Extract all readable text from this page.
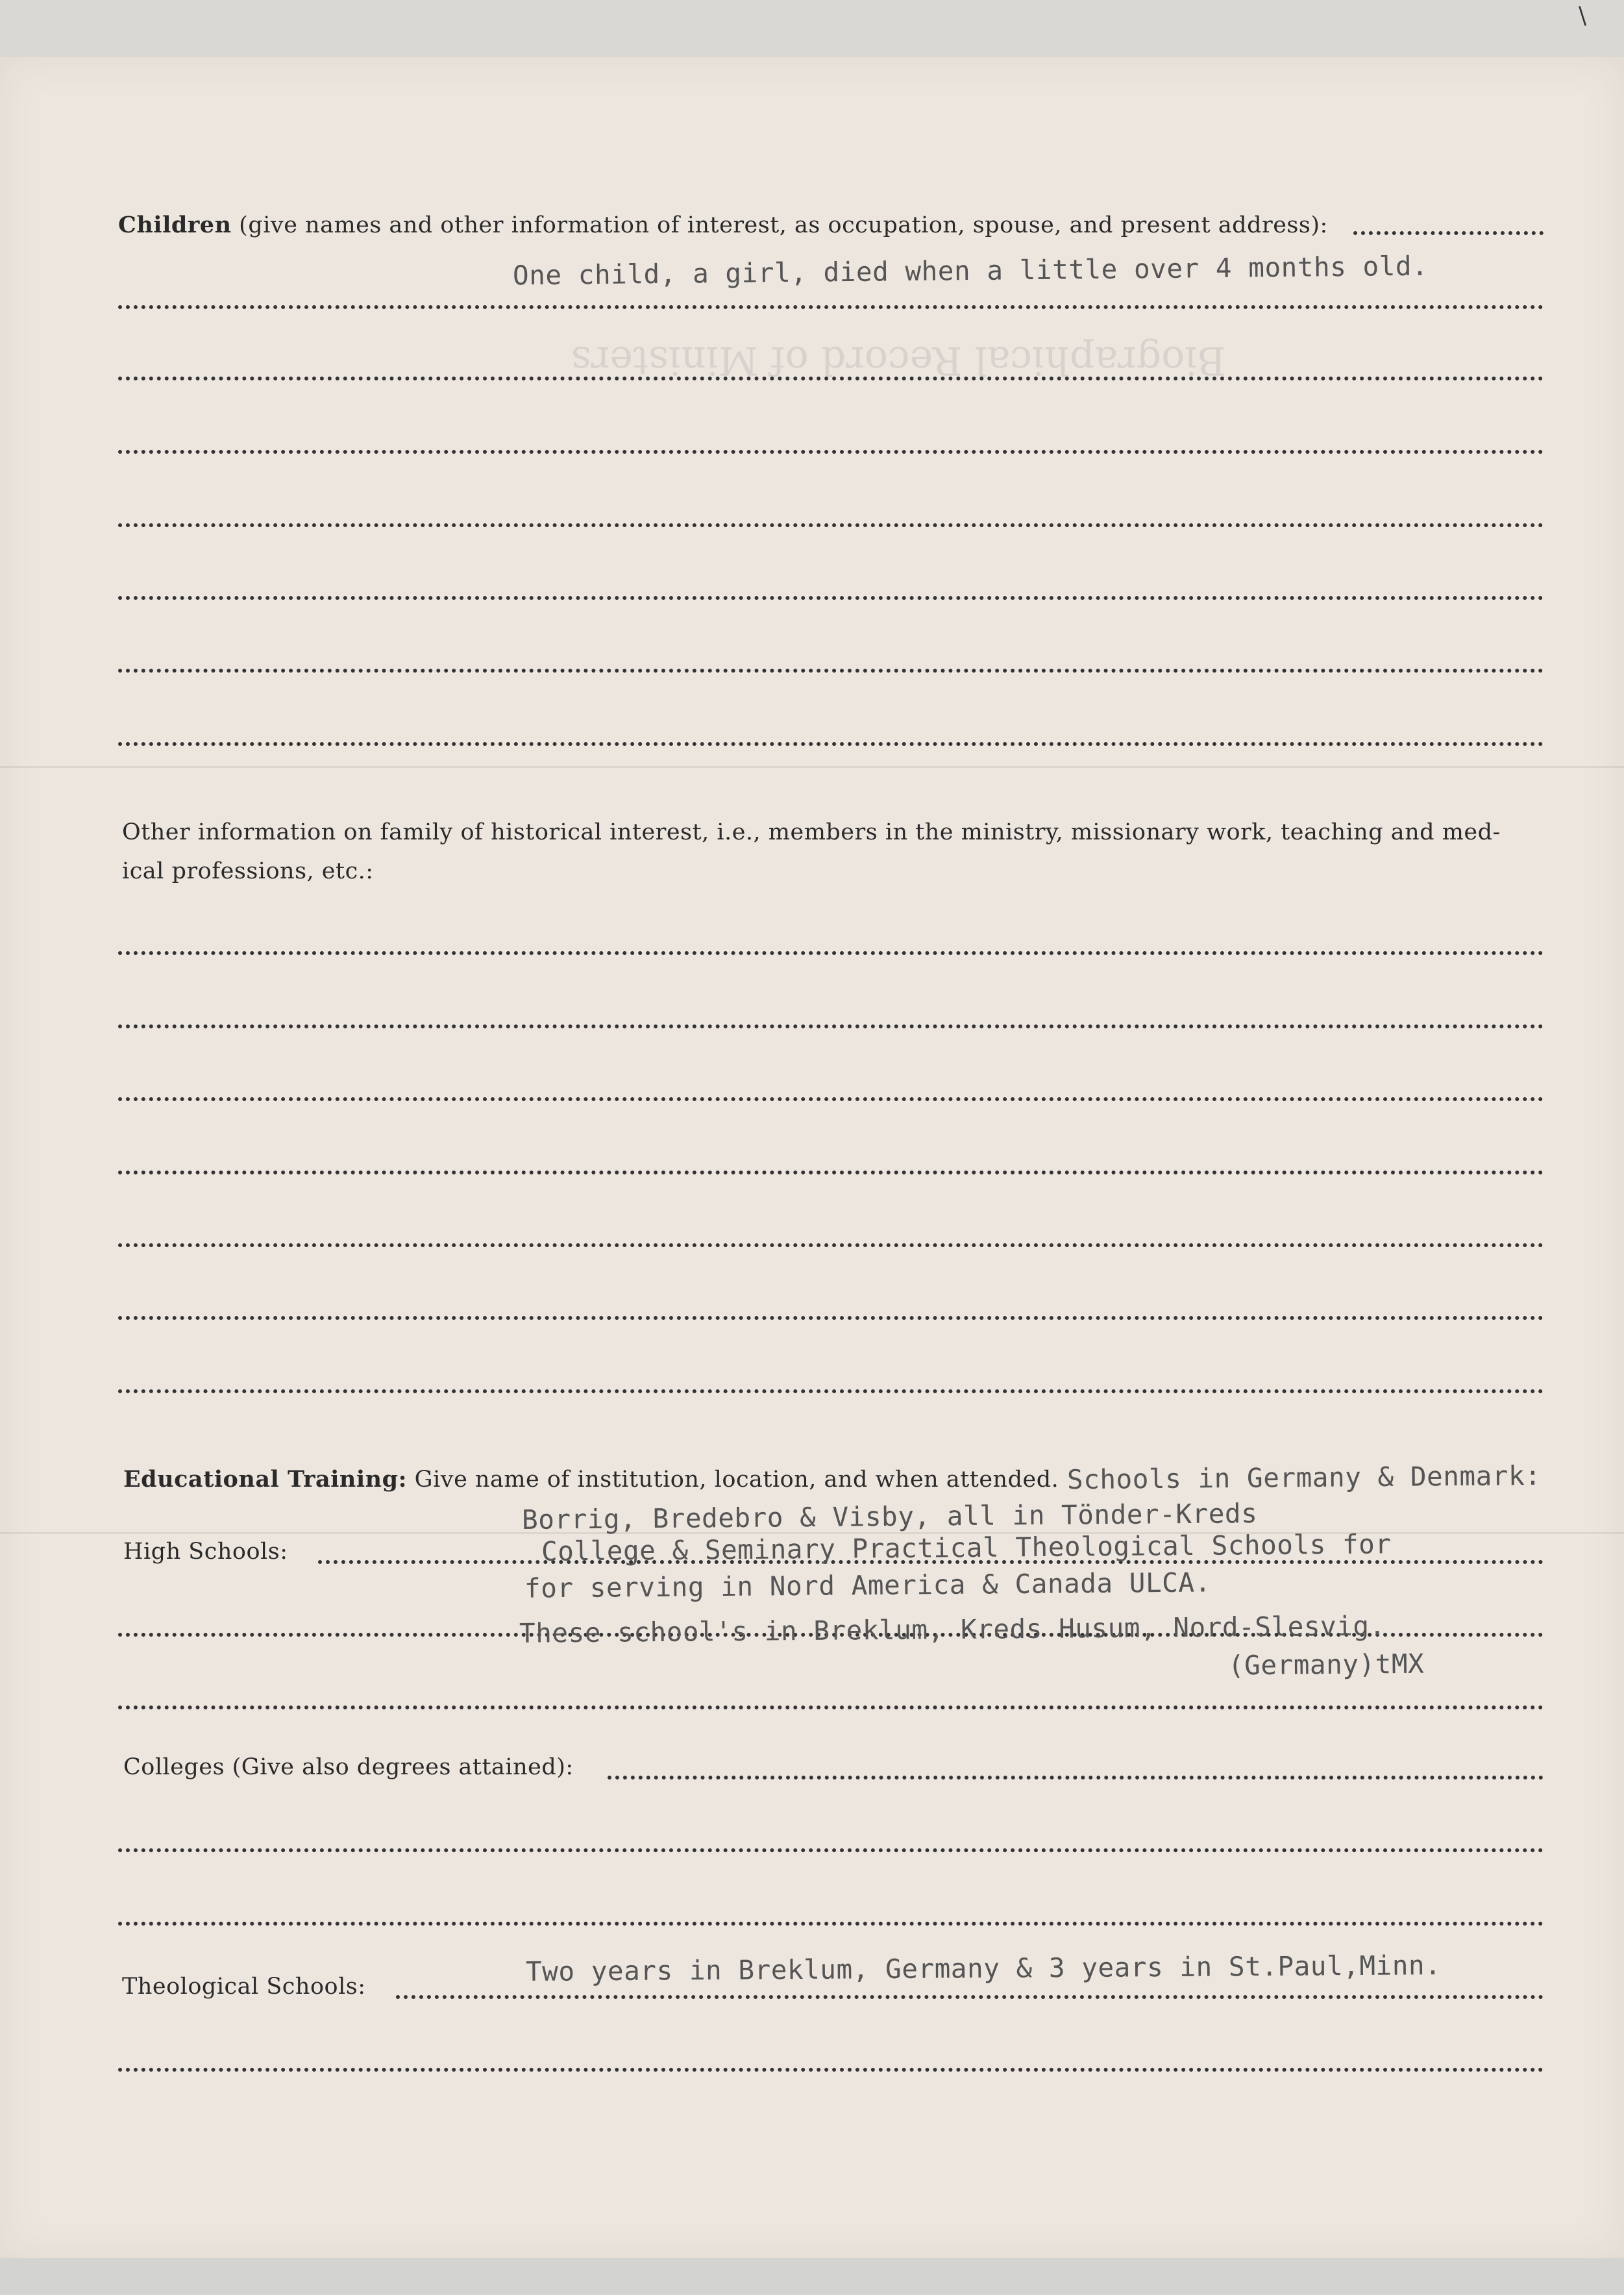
\
Biographical Record of Ministers
Children (give names and other information of interest, as occupation, spouse, and present address):
One child, a girl, died when a little over 4 months old.
Other information on family of historical interest, i.e., members in the ministry, missionary work, teaching and med-
ical professions, etc.:
Educational Training: Give name of institution, location, and when attended. Schools in Germany & Denmark:
Borrig, Bredebro & Visby, all in Tönder-Kreds
High Schools:	College & Seminary Practical Theological Schools for
for serving in Nord America & Canada ULCA.
These school's in Breklum, Kreds Husum, Nord-Slesvig.
(Germany)tMX
Colleges (Give also degrees attained):
Theological Schools:	Two years in Breklum, Germany & 3 years in St.Paul,Minn.
